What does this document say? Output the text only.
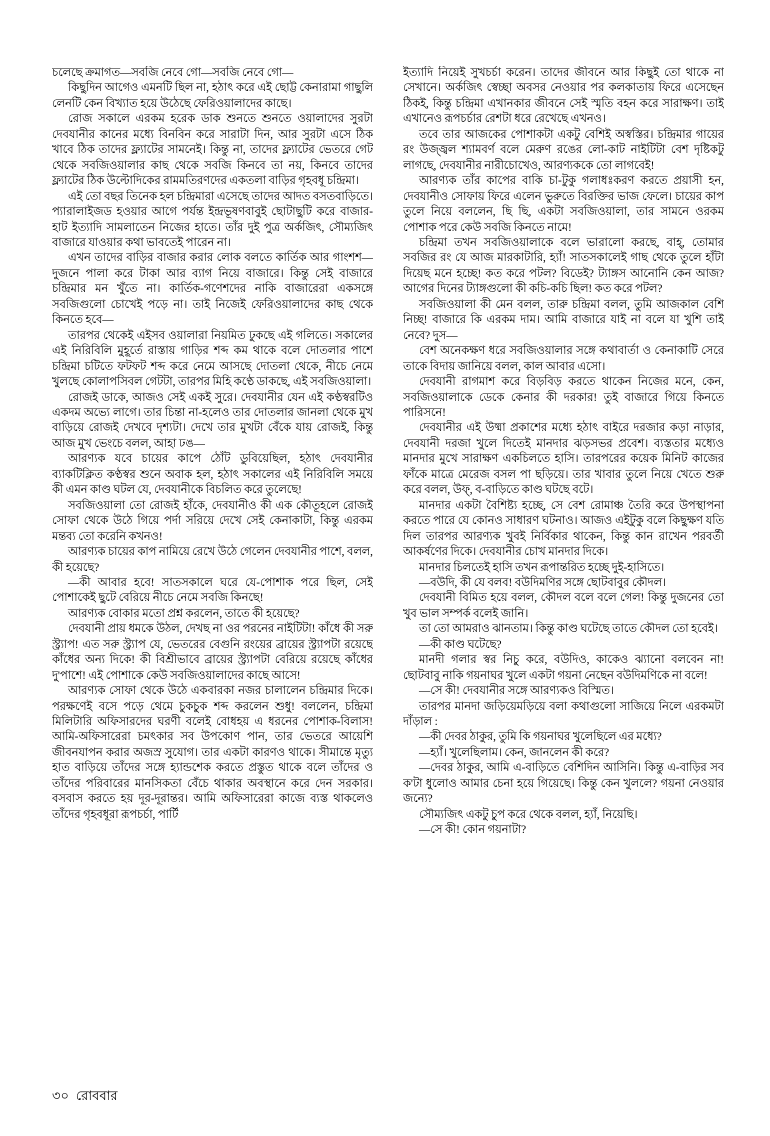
চলেছে ক্রমাগত—সবজি নেবে গো—সবজি নেবে গো—

কিছুদিন আগেও এমনটি ছিল না, হঠাৎ করে এই ছোট্ট কেনারামা গাছুলি লেনটি কেন বিখ্যাত হয়ে উঠেছে ফেরিওয়ালাদের কাছে।

রোজ সকালে এরকম হরেক ডাক শুনতে শুনতে ওয়ালাদের সুরটা দেবযানীর কানের মধ্যে বিনবিন করে সারাটা দিন, আর সুরটা এসে ঠিক খাবে ঠিক তাদের ফ্ল্যাটের সামনেই। কিন্তু না, তাদের ফ্ল্যাটের ভেতরে গেট থেকে সবজিওয়ালার কাছ থেকে সবজি কিনবে তা নয়, কিনবে তাদের ফ্ল্যাটের ঠিক উল্টোদিকের রামমতিরণদের একতলা বাড়ির গৃহবধূ চন্দ্রিমা।

এই তো বছর তিনেক হল চন্দ্রিমারা এসেছে তাদের আদত বসতবাড়িতে। প্যারালাইজড হওয়ার আগে পর্যন্ত ইন্দ্রভূষণবাবুই ছোটাছুটি করে বাজার-হাট ইত্যাদি সামলাতেন নিজের হাতে। তাঁর দুই পুত্র অর্কজিৎ, সৌম্যজিৎ বাজারে যাওয়ার কথা ভাবতেই পারেন না।

এখন তাদের বাড়ির বাজার করার লোক বলতে কার্তিক আর গাংশশ—দুজনে পালা করে টাকা আর ব্যাগ নিয়ে বাজারে। কিন্তু সেই বাজারে চন্দ্রিমার মন খুঁতে না। কার্তিক-গণেশদের নাকি বাজারেরা একসঙ্গে সবজিগুলো চোখেই পড়ে না। তাই নিজেই ফেরিওয়ালাদের কাছ থেকে কিনতে হবে—

তারপর থেকেই এইসব ওয়ালারা নিয়মিত ঢুকছে এই গলিতে। সকালের এই নিরিবিলি মুহূর্তে রাস্তায় গাড়ির শব্দ কম থাকে বলে দোতলার পাশে চন্দ্রিমা চটিতে ফটফট শব্দ করে নেমে আসছে দোতলা থেকে, নীচে নেমে খুলছে কোলাপসিবল গেটটা, তারপর মিহি কণ্ঠে ডাকছে, এই সবজিওয়ালা।

রোজই ডাকে, আজও সেই একই সুরে। দেবযানীর যেন এই কণ্ঠস্বরটিও একদম অভ্যে লাগে। তার চিন্তা না-হলেও তার দোতলার জানলা থেকে মুখ বাড়িয়ে রোজই দেখবে দৃশ্যটা। দেখে তার মুখটা বেঁকে যায় রোজই, কিন্তু আজ মুখ ভেংচে বলল, আহা ঢঙ—

আরণ্যক যবে চায়ের কাপে ঠোঁট ডুবিয়েছিল, হঠাৎ দেবযানীর ব্যাকটিক্লিত কণ্ঠস্বর শুনে অবাক হল, হঠাৎ সকালের এই নিরিবিলি সময়ে কী এমন কাণ্ড ঘটল যে, দেবযানীকে বিচলিত করে তুলেছে!

সবজিওয়ালা তো রোজই হাঁকে, দেবযানীও কী এক কৌতূহলে রোজই সোফা থেকে উঠে গিয়ে পর্দা সরিয়ে দেখে সেই কেনাকাটা, কিন্তু এরকম মন্তব্য তো করেনি কখনও!

আরণ্যক চায়ের কাপ নামিয়ে রেখে উঠে গেলেন দেবযানীর পাশে, বলল, কী হয়েছে?

—কী আবার হবে! সাতসকালে ঘরে যে-পোশাক পরে ছিল, সেই পোশাকেই ছুটে বেরিয়ে নীচে নেমে সবজি কিনছে!

আরণ্যক বোকার মতো প্রশ্ন করলেন, তাতে কী হয়েছে?

দেবযানী প্রায় ধমকে উঠল, দেখছ না ওর পরনের নাইটিটা! কাঁধে কী সরু স্ট্র্যাপ! এত সরু স্ট্র্যাপ যে, ভেতরের বেগুনি রংয়ের ব্রায়ের স্ট্র্যাপটা রয়েছে কাঁধের অন্য দিকে! কী বিশ্রীভাবে ব্রায়ের স্ট্র্যাপটা বেরিয়ে রয়েছে কাঁধের দু'পাশে! এই পোশাকে কেউ সবজিওয়ালাদের কাছে আসে!

আরণ্যক সোফা থেকে উঠে একবারকা নজর চালালেন চন্দ্রিমার দিকে। পরক্ষণেই বসে পড়ে থেমে চুকচুক শব্দ করলেন শুধু! বললেন, চন্দ্রিমা মিলিটারি অফিসারদের ঘরণী বলেই বোধহয় এ ধরনের পোশাক-বিলাস! আমি-অফিসারেরা চমৎকার সব উপকোণ পান, তার ভেতরে আয়েশি জীবনযাপন করার অজস্র সুযোগ। তার একটা কারণও থাকে। সীমান্তে মৃত্যু হাত বাড়িয়ে তাঁদের সঙ্গে হ্যান্ডশেক করতে প্রস্তুত থাকে বলে তাঁদের ও তাঁদের পরিবারের মানসিকতা বেঁচে থাকার অবস্থানে করে দেন সরকার। বসবাস করতে হয় দূর-দূরান্তর। আমি অফিসারেরা কাজে ব্যস্ত থাকলেও তাঁদের গৃহবধূরা রূপচর্চা, পার্টি

ইত্যাদি নিয়েই সুখচর্চা করেন। তাদের জীবনে আর কিছুই তো থাকে না সেখানে। অর্কজিৎ স্বেচ্ছা অবসর নেওয়ার পর কলকাতায় ফিরে এসেছেন ঠিকই, কিন্তু চন্দ্রিমা এখানকার জীবনে সেই স্মৃতি বহন করে সারাক্ষণ। তাই এখানেও রূপচর্চার রেশটা ধরে রেখেছে এখনও।

তবে তার আজকের পোশাকটা একটু বেশিই অস্বস্তির। চন্দ্রিমার গায়ের রং উজ্জ্বল শ্যামবর্ণ বলে মেরুণ রঙের লো-কাট নাইটিটা বেশ দৃষ্টিকটু লাগছে, দেবযানীর নারীচোখেও, আরণ্যককে তো লাগবেই!

আরণ্যক তাঁর কাপের বাকি চা-টুকু গলাধঃকরণ করতে প্রয়াসী হন, দেবযানীও সোফায় ফিরে এলেন ভুরুতে বিরক্তির ভাজ ফেলে। চায়ের কাপ তুলে নিয়ে বললেন, ছি ছি, একটা সবজিওয়ালা, তার সামনে ওরকম পোশাক পরে কেউ সবজি কিনতে নামে!

চন্দ্রিমা তখন সবজিওয়ালাকে বলে ভারালো করছে, বাহ্, তোমার সবজির রং যে আজ মারকাটারি, হ্যাঁ! সাতসকালেই গাছ থেকে তুলে হাঁটা দিয়েছ মনে হচ্ছে! কত করে পটল? বিডেই? ট্যাঙ্গস আনোনি কেন আজ? আগের দিনের ট্যাঙ্গগুলো কী কচি-কচি ছিল! কত করে পটল?

সবজিওয়ালা কী মেন বলল, তারু চন্দ্রিমা বলল, তুমি আজকাল বেশি নিচ্ছ! বাজারে কি এরকম দাম। আমি বাজারে যাই না বলে যা খুশি তাই নেবে? দুস—

বেশ অনেকক্ষণ ধরে সবজিওয়ালার সঙ্গে কথাবার্তা ও কেনাকাটি সেরে তাকে বিদায় জানিয়ে বলল, কাল আবার এসো।

দেবযানী রাগমাশ করে বিড়বিড় করতে থাকেন নিজের মনে, কেন, সবজিওয়ালাকে ডেকে কেনার কী দরকার! তুই বাজারে গিয়ে কিনতে পারিসনে!

দেবযানীর এই উষ্মা প্রকাশের মধ্যে হঠাৎ বাইরে দরজার কড়া নাড়ার, দেবযানী দরজা খুলে দিতেই মানদার ঝড়সভর প্রবেশ। ব্যস্ততার মধ্যেও মানদার মুখে সারাক্ষণ একচিলতে হাসি। তারপরের কয়েক মিনিট কাজের ফাঁকে মাত্রে মেরেজ বসল পা ছড়িয়ে। তার খাবার তুলে নিয়ে খেতে শুরু করে বলল, উফ্, ব-বাড়িতে কাণ্ড ঘটছে বটে।

মানদার একটা বৈশিষ্ট্য হচ্ছে, সে বেশ রোমাঞ্চ তৈরি করে উপস্থাপনা করতে পারে যে কোনও সাধারণ ঘটনাও। আজও এইটুকু বলে কিছুক্ষণ যতি দিল তারপর আরণ্যক খুবই নির্বিকার থাকেন, কিন্তু কান রাখেন পরবর্তী আকর্ষণের দিকে। দেবযানীর চোখ মানদার দিকে।

মানদার চিলতেই হাসি তখন রূপান্তরিত হচ্ছে দুই-হাসিতে।

—বউদি, কী যে বলব! বউদিমণির সঙ্গে ছোটবাবুর কৌদল।

দেবযানী বিমিত হয়ে বলল, কৌদল বলে বলে গেল! কিন্তু দুজনের তো খুব ভাল সম্পর্ক বলেই জানি।

তা তো আমরাও ঝানতাম। কিন্তু কাণ্ড ঘটেছে তাতে কৌদল তো হবেই।

—কী কাণ্ড ঘটেছে?

মানদী গলার স্বর নিচু করে, বউদিও, কাকেও ঝ্যানো বলবেন না! ছোটবাবু নাকি গয়নাঘর খুলে একটা গয়না নেছেন বউদিমণিকে না বলে!

—সে কী! দেবযানীর সঙ্গে আরণ্যকও বিস্মিত।

তারপর মানদা জড়িয়েমড়িয়ে বলা কথাগুলো সাজিয়ে নিলে এরকমটা দাঁড়াল :

—কী দেবর ঠাকুর, তুমি কি গয়নাঘর খুলেছিলে এর মধ্যে?

—হ্যাঁ। খুলেছিলাম। কেন, জানলেন কী করে?

—দেবর ঠাকুর, আমি এ-বাড়িতে বেশিদিন আসিনি। কিন্তু এ-বাড়ির সব ক'টা ধুলোও আমার চেনা হয়ে গিয়েছে। কিন্তু কেন খুললে? গয়না নেওয়ার জন্যে?

সৌম্যজিৎ একটু চুপ করে থেকে বলল, হ্যাঁ, নিয়েছি।

—সে কী! কোন গয়নাটা?

৩০ রোববার
